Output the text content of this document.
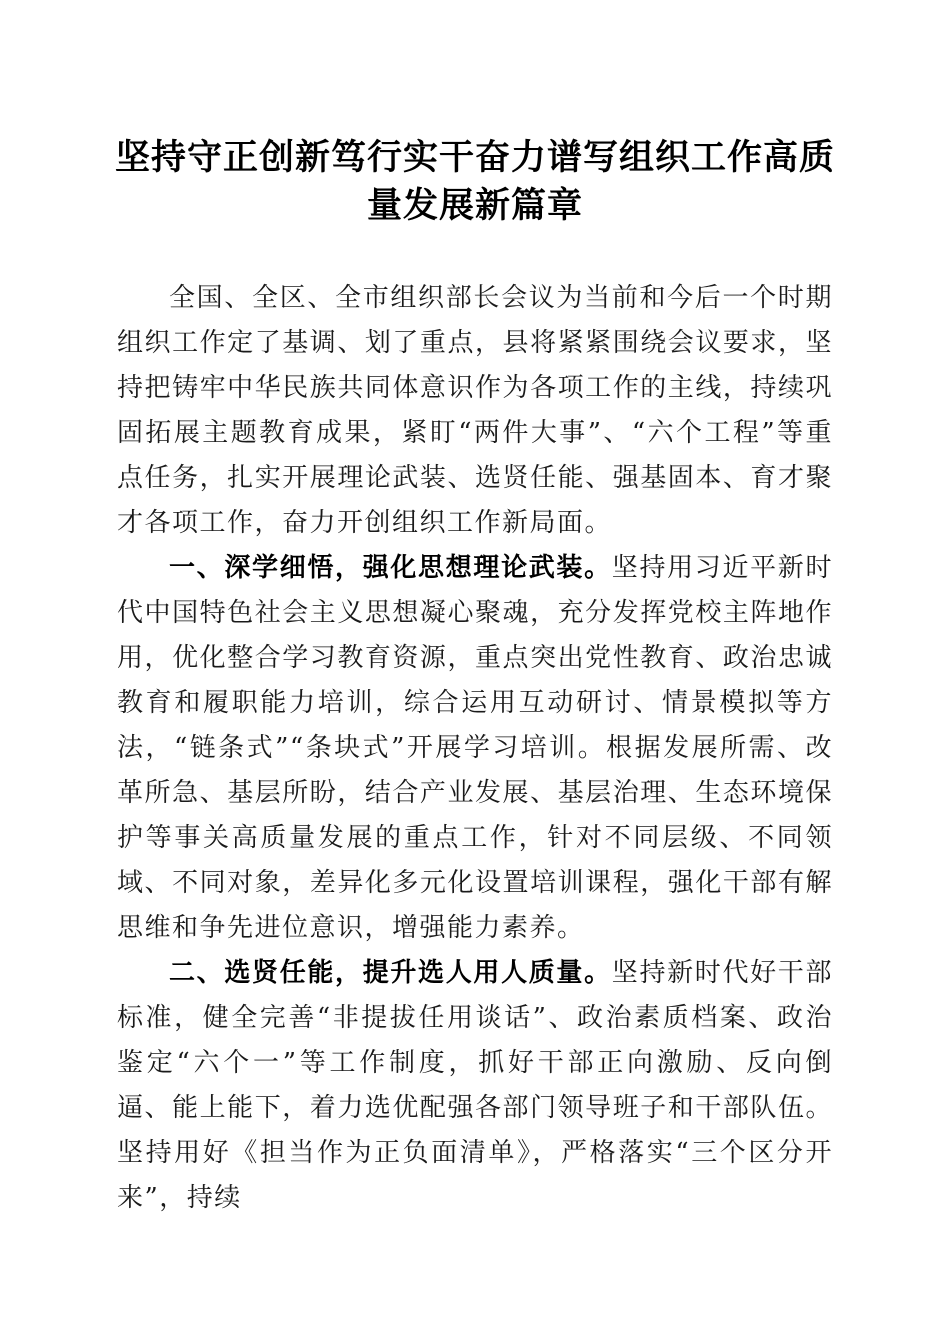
坚持守正创新笃行实干奋力谱写组织工作高质
量发展新篇章

全国、全区、全市组织部长会议为当前和今后一个时期组织工作定了基调、划了重点，县将紧紧围绕会议要求，坚持把铸牢中华民族共同体意识作为各项工作的主线，持续巩固拓展主题教育成果，紧盯“两件大事”、“六个工程”等重点任务，扎实开展理论武装、选贤任能、强基固本、育才聚才各项工作，奋力开创组织工作新局面。

一、深学细悟，强化思想理论武装。坚持用习近平新时代中国特色社会主义思想凝心聚魂，充分发挥党校主阵地作用，优化整合学习教育资源，重点突出党性教育、政治忠诚教育和履职能力培训，综合运用互动研讨、情景模拟等方法，“链条式”“条块式”开展学习培训。根据发展所需、改革所急、基层所盼，结合产业发展、基层治理、生态环境保护等事关高质量发展的重点工作，针对不同层级、不同领域、不同对象，差异化多元化设置培训课程，强化干部有解思维和争先进位意识，增强能力素养。

二、选贤任能，提升选人用人质量。坚持新时代好干部标准，健全完善“非提拔任用谈话”、政治素质档案、政治鉴定“六个一”等工作制度，抓好干部正向激励、反向倒逼、能上能下，着力选优配强各部门领导班子和干部队伍。坚持用好《担当作为正负面清单》，严格落实“三个区分开来”，持续
